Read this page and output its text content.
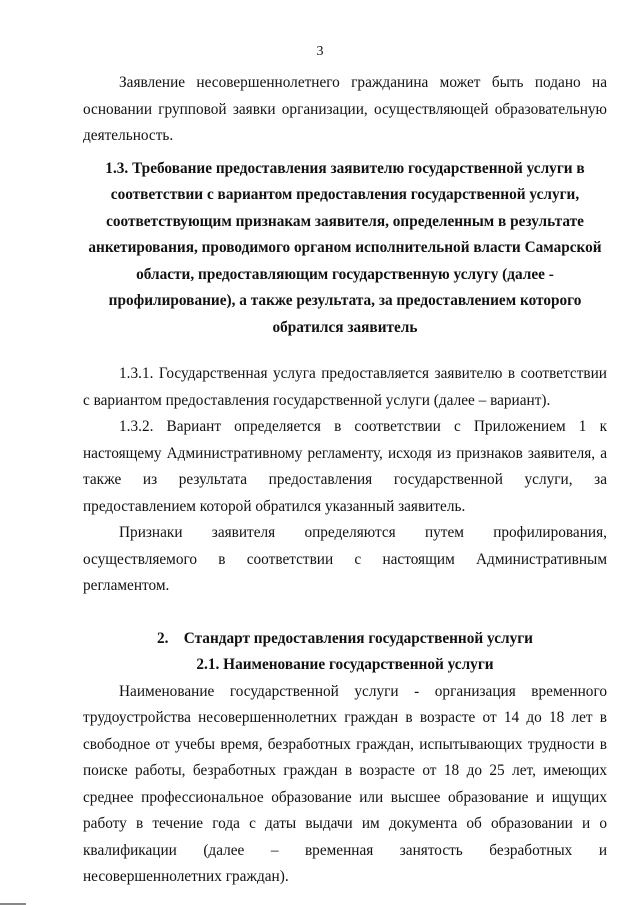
3

Заявление несовершеннолетнего гражданина может быть подано на основании групповой заявки организации, осуществляющей образовательную деятельность.

1.3. Требование предоставления заявителю государственной услуги в соответствии с вариантом предоставления государственной услуги, соответствующим признакам заявителя, определенным в результате анкетирования, проводимого органом исполнительной власти Самарской области, предоставляющим государственную услугу (далее - профилирование), а также результата, за предоставлением которого обратился заявитель

1.3.1. Государственная услуга предоставляется заявителю в соответствии с вариантом предоставления государственной услуги (далее – вариант).

1.3.2. Вариант определяется в соответствии с Приложением 1 к настоящему Административному регламенту, исходя из признаков заявителя, а также из результата предоставления государственной услуги, за предоставлением которой обратился указанный заявитель.

Признаки заявителя определяются путем профилирования,

осуществляемого в соответствии с настоящим Административным регламентом.

2.    Стандарт предоставления государственной услуги

2.1. Наименование государственной услуги

Наименование государственной услуги - организация временного трудоустройства несовершеннолетних граждан в возрасте от 14 до 18 лет в свободное от учебы время, безработных граждан, испытывающих трудности в поиске работы, безработных граждан в возрасте от 18 до 25 лет, имеющих среднее профессиональное образование или высшее образование и ищущих работу в течение года с даты выдачи им документа об образовании и о квалификации (далее – временная занятость безработных и несовершеннолетних граждан).
